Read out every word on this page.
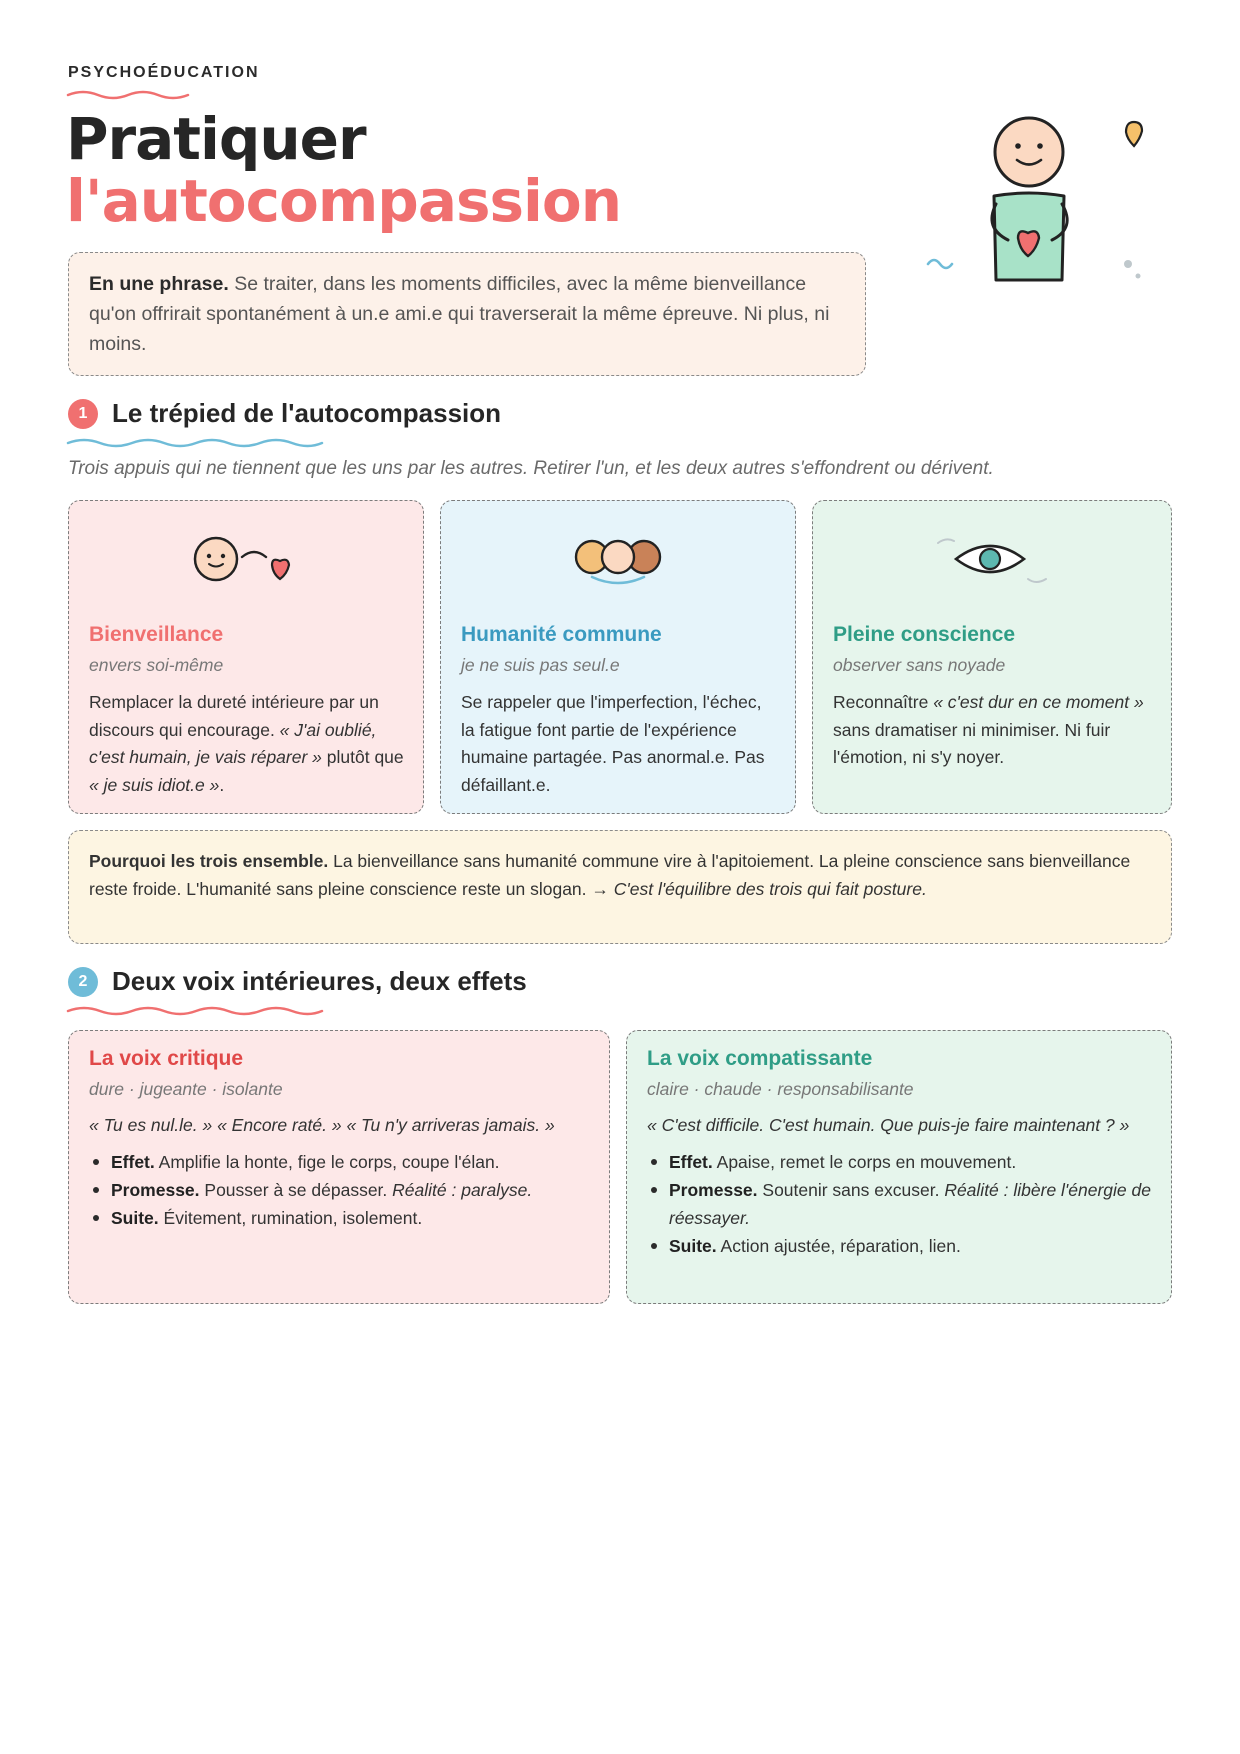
PSYCHOÉDUCATION
Pratiquer
l'autocompassion
En une phrase. Se traiter, dans les moments difficiles, avec la même bienveillance qu'on offrirait spontanément à un.e ami.e qui traverserait la même épreuve. Ni plus, ni moins.
1 Le trépied de l'autocompassion

Trois appuis qui ne tiennent que les uns par les autres. Retirer l'un, et les deux autres s'effondrent ou dérivent.

Bienveillance
envers soi-même
Remplacer la dureté intérieure par un discours qui encourage. « J'ai oublié, c'est humain, je vais réparer » plutôt que « je suis idiot.e ».
Humanité commune
je ne suis pas seul.e
Se rappeler que l'imperfection, l'échec, la fatigue font partie de l'expérience humaine partagée. Pas anormal.e. Pas défaillant.e.
Pleine conscience
observer sans noyade
Reconnaître « c'est dur en ce moment » sans dramatiser ni minimiser. Ni fuir l'émotion, ni s'y noyer.
Pourquoi les trois ensemble. La bienveillance sans humanité commune vire à l'apitoiement. La pleine conscience sans bienveillance reste froide. L'humanité sans pleine conscience reste un slogan. → C'est l'équilibre des trois qui fait posture.
2 Deux voix intérieures, deux effets
La voix critique
dure · jugeante · isolante
« Tu es nul.le. » « Encore raté. » « Tu n'y arriveras jamais. »
Effet. Amplifie la honte, fige le corps, coupe l'élan.
Promesse. Pousser à se dépasser. Réalité : paralyse.
Suite. Évitement, rumination, isolement.
La voix compatissante
claire · chaude · responsabilisante
« C'est difficile. C'est humain. Que puis-je faire maintenant ? »
Effet. Apaise, remet le corps en mouvement.
Promesse. Soutenir sans excuser. Réalité : libère l'énergie de réessayer.
Suite. Action ajustée, réparation, lien.
